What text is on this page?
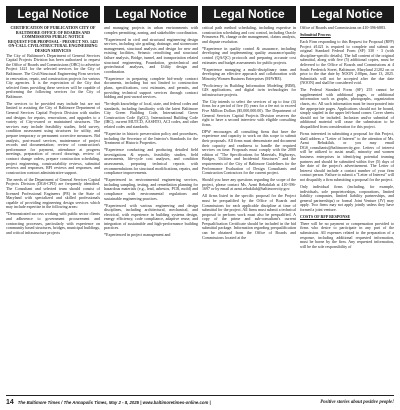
Legal Notice

CERTIFICATION OF PUBLICATION CITY OF BALTIMORE OFFICE OF BOARDS AND COMMISSIONS PUBLIC NOTICE

REQUEST FOR PROPOSAL - PROJECT NO. 1421 ON-CALL CIVIL/STRUCTURAL ENGINEERING DESIGN SERVICES

The City of Baltimore's Department of General Services Capital Projects Division has been authorized to request the Office of Boards and Commissions (OBC) to advertise Project 1421 for the selected services for the City of Baltimore. The Civil/Structural Engineering Firm services in renovation, repair, and construction projects for various City agencies. It is the expectation of the City that selected firms providing these services will be capable of performing the following services for the City of Baltimore.

The services to be provided may include but are not limited to assisting the City of Baltimore Department of General Services Capital Projects Division with studies and designs for repairs, renovations, and upgrades to a variety of City-owned or maintained structures. The services may include feasibility studies, field survey, condition assessment using structures for utility, and prepare temporary or permanent corrective measures. Bid analysis, post-award services, maintenance of project records and documentation; review of construction's performance for payment, attendance at progress meetings, preparation of record drawings, review of contract change orders, prepare construction scheduling, project engineering, constructability reviews, submittal reviews and responses, RFI reviews and responses, and construction contract administrative support.

The needs of the Department of General Services Capital Projects Division (DGS-CPD) are frequently identified. The Consultant and selected team should consist of licensed Professional Engineers (PE) in the State of Maryland with specialized and skilled professionals capable of providing engineering design services which may include expertise in the following areas:

*Demonstrated success working with public sector clients and adherence to government procurement and contracting processes, particularly with experience on community based structures, bridges, municipal buildings, and critical infrastructure projects

Legal Notice

and managing projects in urban environments with complex permitting, zoning, and stakeholder coordination.

*Experienced in civil and structural engineering design services, including site grading, drainage, and stormwater management, structural analysis and design for new and existing facilities, Seismic retrofitting and structural failure analysis, Bridge, tunnel, and transportation related structural engineering, Foundation, geotechnical and geotechnical analyses, and Utility design and coordination.

*Experience in preparing complete bid-ready contract documents, including but not limited to construction plans, specifications, cost estimates, and permits, and providing technical support services through contract bidding and post-award services.

*In-depth knowledge of local, state, and federal codes and standards, including familiarity with the latest Baltimore City Green Building Code, International Green Construction Code (IgCC), International Building Code (IBC), current MUTCD, AASHTO, ACI codes, and other related codes and standards.

*Expertise in historic preservation policy and procedures, including the Secretary of the Interior's Standards for the Treatment of Historic Properties.

*Experience conducting and producing detailed field investigations & reports, feasibility studies, field assessments, life-cycle cost analyses, and condition assessments, preparing technical reports with recommendations for structural modifications, repairs, and compliance improvements.

*Experienced in environmental engineering services, including sampling, testing, and remediation planning for hazardous materials (e.g., lead, asbestos, PCB, mold) and compliance with environmental regulations and sustainable engineering practices.

*Experienced with various engineering and design disciplines, including architectural, mechanical, and electrical, with experience in building systems design, energy efficiency, code compliance, adaptive reuse, and integration of sustainable and high-performance building practices.

*Experienced in project management and

Legal Notice

critical path method scheduling, including expertise in construction scheduling and cost control, including Oracle Primavera P6, change order management, claims analysis, and dispute resolution.

*Experience in quality control & assurance, including developing and implementing quality assurance/quality control (QA/QC) protocols and preparing accurate cost estimates and budget assessments for public projects.

*Experience managing a multi-disciplinary team and developing an effective approach and collaboration with Minority/Women Business Enterprises (M/WBE).

*Proficiency in Building Information Modeling (BIM), GIS applications, and digital twin technologies for infrastructure projects.

The City intends to select the services of up to four (4) firms for a period of five (5) years for a fee not to exceed Five Million Dollars ($5,000,000.00). The Department of General Services Capital Projects Division reserves the right to have a second interview with eligible consulting firms.

DPW encourages all consulting firms that have the experience and capacity to work on this scope to submit their proposals. All firms must demonstrate and document their capacity and readiness to handle the required services on time. Proposals must comply with the 2008 edition of "The Specifications for Materials, Highways, Bridges, Utilities and Incidental Structures" and the requirements of the City of Baltimore Guidelines for the Performance Evaluation of Design Consultants and Construction Contractors for the current project.

Should you have any questions regarding the scope of the project, please contact Ms. Azmi Rehakilah at 410-396-1697 or by email at azmi.rehakilah@baltimorecity.gov.

All firms listed in the specific proposal for the Project must be prequalified by the Office of Boards and Commissions for each applicable discipline at time of submittal for the project. All firms must submit a technical proposal to perform work must also be prequalified. A copy of the prime and sub-consultant's current Prequalification Certificate should be included in the bid submittal package. Information regarding prequalification can be obtained from the Office of Boards and Commissions located at the

Legal Notice

Office of Boards and Commissions on 410-396-6883.

Submittal Process

Each Firm responding to this Request for Proposal (RFP) Project #1421 is required to complete and submit an original Standard Federal Form (SF) 330 - 3 (with discipline-specific details). The full content of the original submittal, along with five (5) additional copies, must be delivered to the Office of Boards and Commissions at 4 South Frederick Street, Baltimore, Maryland 21202 on or prior to the due date by NOON 2:00pm, June 13, 2025. Submittals will not be accepted after the due date (NOON) and shall be considered void.

The Federal Standard Form (SF) 255 cannot be supplemented with additional pages, or additional information such as graphs, photographs, organization charts, etc. All such information must be incorporated into the appropriate pages. Applications should not be bound, simply stapled in the upper left-hand corner. Cover sheets should not be included. Inclusion and/or submittal of additional material will cause the submission to be disqualified from consideration for this project.

Firms interested in submitting a proposal for this Project, shall address a "Letter of Interest" to the attention of Ms. Azmi Rehakilah, or you may email DGS_consultants@baltimorecity.gov. Letters of interest will be utilized to assist small, minority and women business enterprises in identifying potential teaming partners and should be submitted within five (5) days of the date of the project's advertisement. The Letter of Interest should include a contact number of your firm contact person. Failure to submit a "Letter of Interest" will not disqualify a firm submitting a proposal for the project.

Only individual firms (including, for example, individuals, sole proprietorships, corporations, limited liability companies, limited liability partnerships, and general partnerships) or formal Joint Venture (JV) may apply. Two firms may not apply jointly unless they have formed a joint venture.

COSTS OF RFP RESPONSE

There will be no payment or compensation provided to firms who desire to participate in any part of the submission. All expenses related to the preparation of a response, including additional requested information, must be borne by the firm. Any requested information, will be the sole responsibility of

14 The Baltimore Times / The Annapolis Times, May 2 - 8, 2025 | www.baltimoretimes-online.com |	Positive stories about positive people!
